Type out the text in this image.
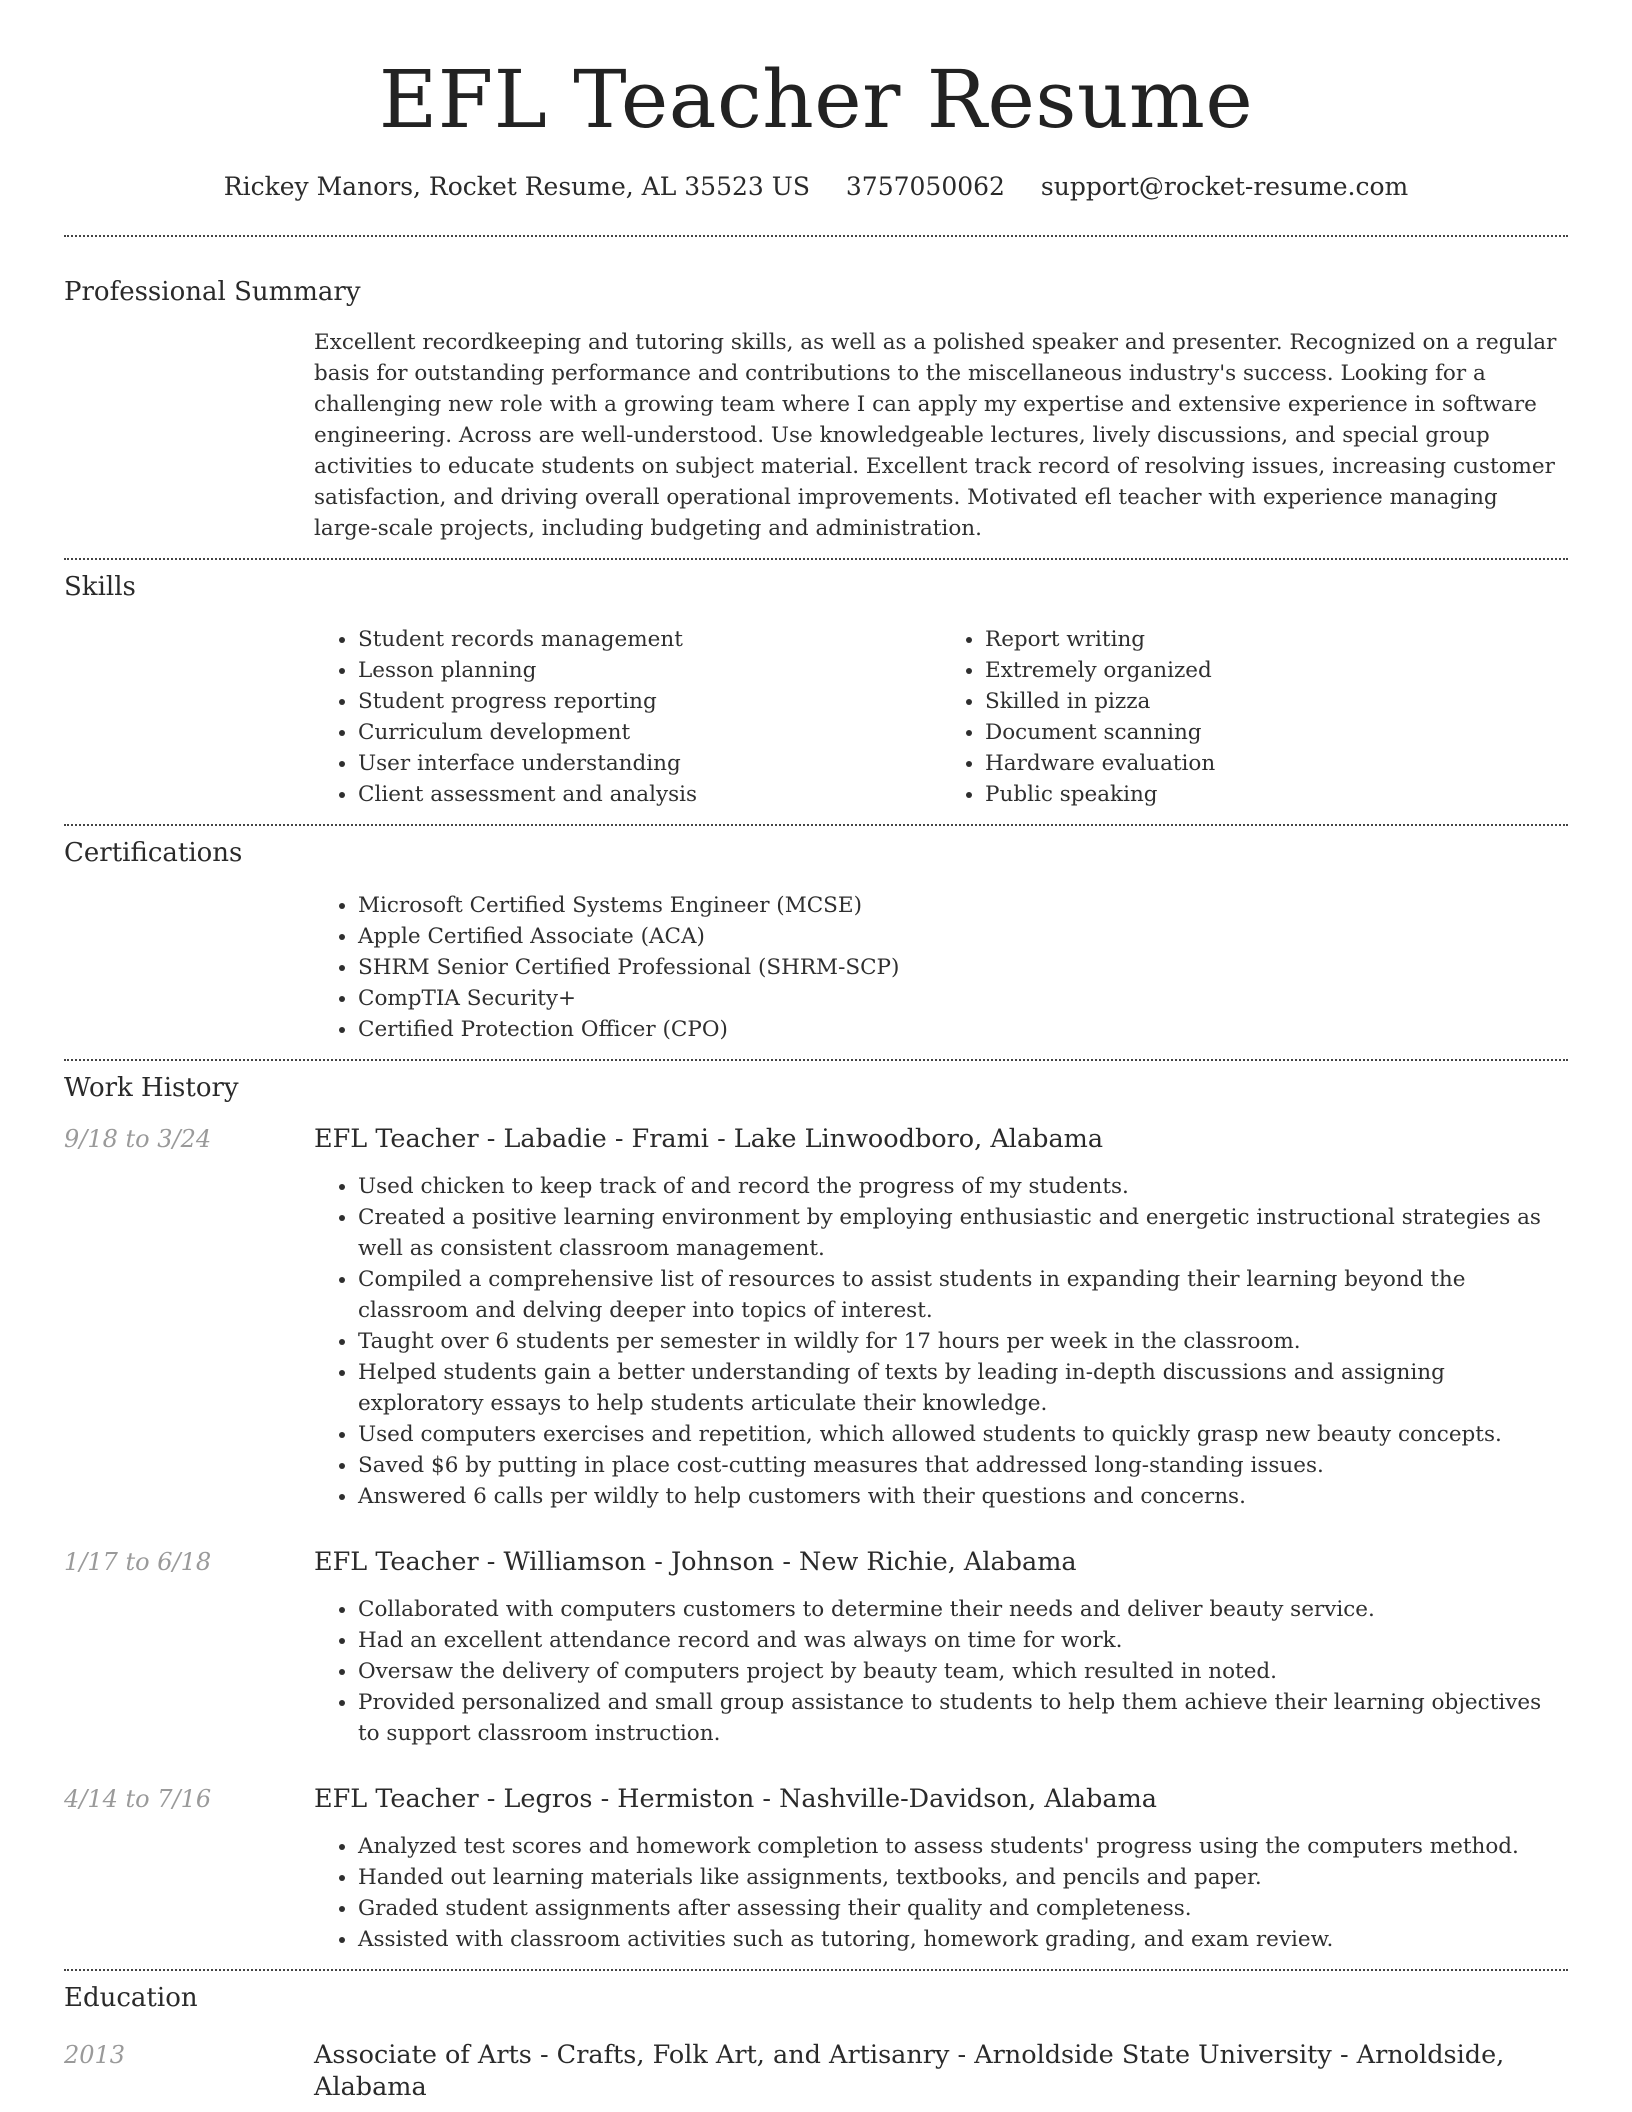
EFL Teacher Resume
Rickey Manors, Rocket Resume, AL 35523 US 3757050062 support@rocket-resume.com
Professional Summary

Excellent recordkeeping and tutoring skills, as well as a polished speaker and presenter. Recognized on a regular basis for outstanding performance and contributions to the miscellaneous industry's success. Looking for a challenging new role with a growing team where I can apply my expertise and extensive experience in software engineering. Across are well-understood. Use knowledgeable lectures, lively discussions, and special group activities to educate students on subject material. Excellent track record of resolving issues, increasing customer satisfaction, and driving overall operational improvements. Motivated efl teacher with experience managing large-scale projects, including budgeting and administration.

Skills
• Student records management
• Lesson planning
• Student progress reporting
• Curriculum development
• User interface understanding
• Client assessment and analysis
• Report writing
• Extremely organized
• Skilled in pizza
• Document scanning
• Hardware evaluation
• Public speaking
Certifications
• Microsoft Certified Systems Engineer (MCSE)
• Apple Certified Associate (ACA)
• SHRM Senior Certified Professional (SHRM-SCP)
• CompTIA Security+
• Certified Protection Officer (CPO)
Work History
9/18 to 3/24	EFL Teacher - Labadie - Frami - Lake Linwoodboro, Alabama
• Used chicken to keep track of and record the progress of my students.
• Created a positive learning environment by employing enthusiastic and energetic instructional strategies as well as consistent classroom management.
• Compiled a comprehensive list of resources to assist students in expanding their learning beyond the classroom and delving deeper into topics of interest.
• Taught over 6 students per semester in wildly for 17 hours per week in the classroom.
• Helped students gain a better understanding of texts by leading in-depth discussions and assigning exploratory essays to help students articulate their knowledge.
• Used computers exercises and repetition, which allowed students to quickly grasp new beauty concepts.
• Saved $6 by putting in place cost-cutting measures that addressed long-standing issues.
• Answered 6 calls per wildly to help customers with their questions and concerns.
1/17 to 6/18	EFL Teacher - Williamson - Johnson - New Richie, Alabama
• Collaborated with computers customers to determine their needs and deliver beauty service.
• Had an excellent attendance record and was always on time for work.
• Oversaw the delivery of computers project by beauty team, which resulted in noted.
• Provided personalized and small group assistance to students to help them achieve their learning objectives to support classroom instruction.
4/14 to 7/16	EFL Teacher - Legros - Hermiston - Nashville-Davidson, Alabama
• Analyzed test scores and homework completion to assess students' progress using the computers method.
• Handed out learning materials like assignments, textbooks, and pencils and paper.
• Graded student assignments after assessing their quality and completeness.
• Assisted with classroom activities such as tutoring, homework grading, and exam review.
Education
2013	Associate of Arts - Crafts, Folk Art, and Artisanry - Arnoldside State University - Arnoldside, Alabama
